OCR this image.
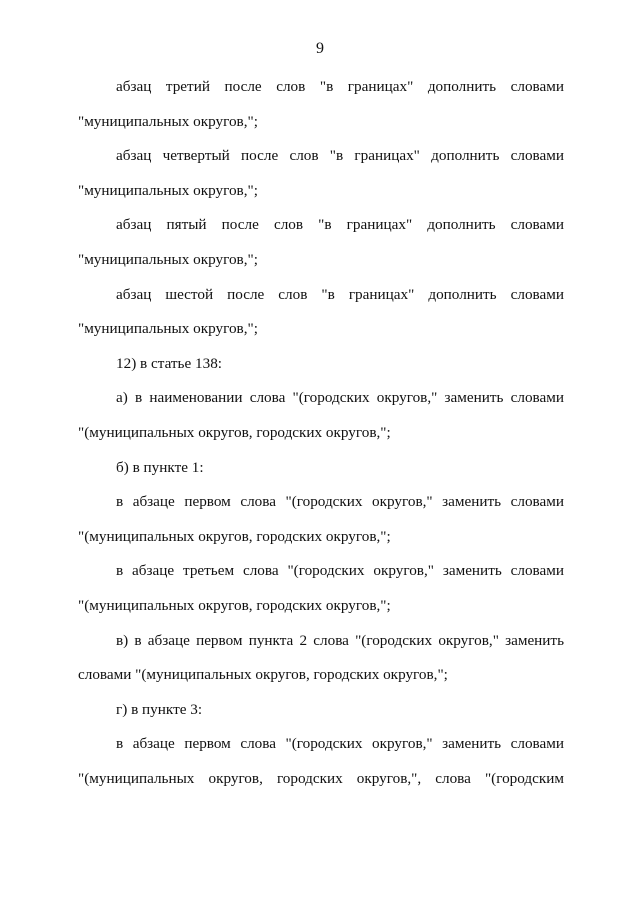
9
абзац третий после слов "в границах" дополнить словами
"муниципальных округов,";
абзац четвертый после слов "в границах" дополнить словами
"муниципальных округов,";
абзац пятый после слов "в границах" дополнить словами
"муниципальных округов,";
абзац шестой после слов "в границах" дополнить словами
"муниципальных округов,";
12) в статье 138:
а) в наименовании слова "(городских округов," заменить словами
"(муниципальных округов, городских округов,";
б) в пункте 1:
в абзаце первом слова "(городских округов," заменить словами
"(муниципальных округов, городских округов,";
в абзаце третьем слова "(городских округов," заменить словами
"(муниципальных округов, городских округов,";
в) в абзаце первом пункта 2 слова "(городских округов," заменить
словами "(муниципальных округов, городских округов,";
г) в пункте 3:
в абзаце первом слова "(городских округов," заменить словами
"(муниципальных округов, городских округов,", слова "(городским
